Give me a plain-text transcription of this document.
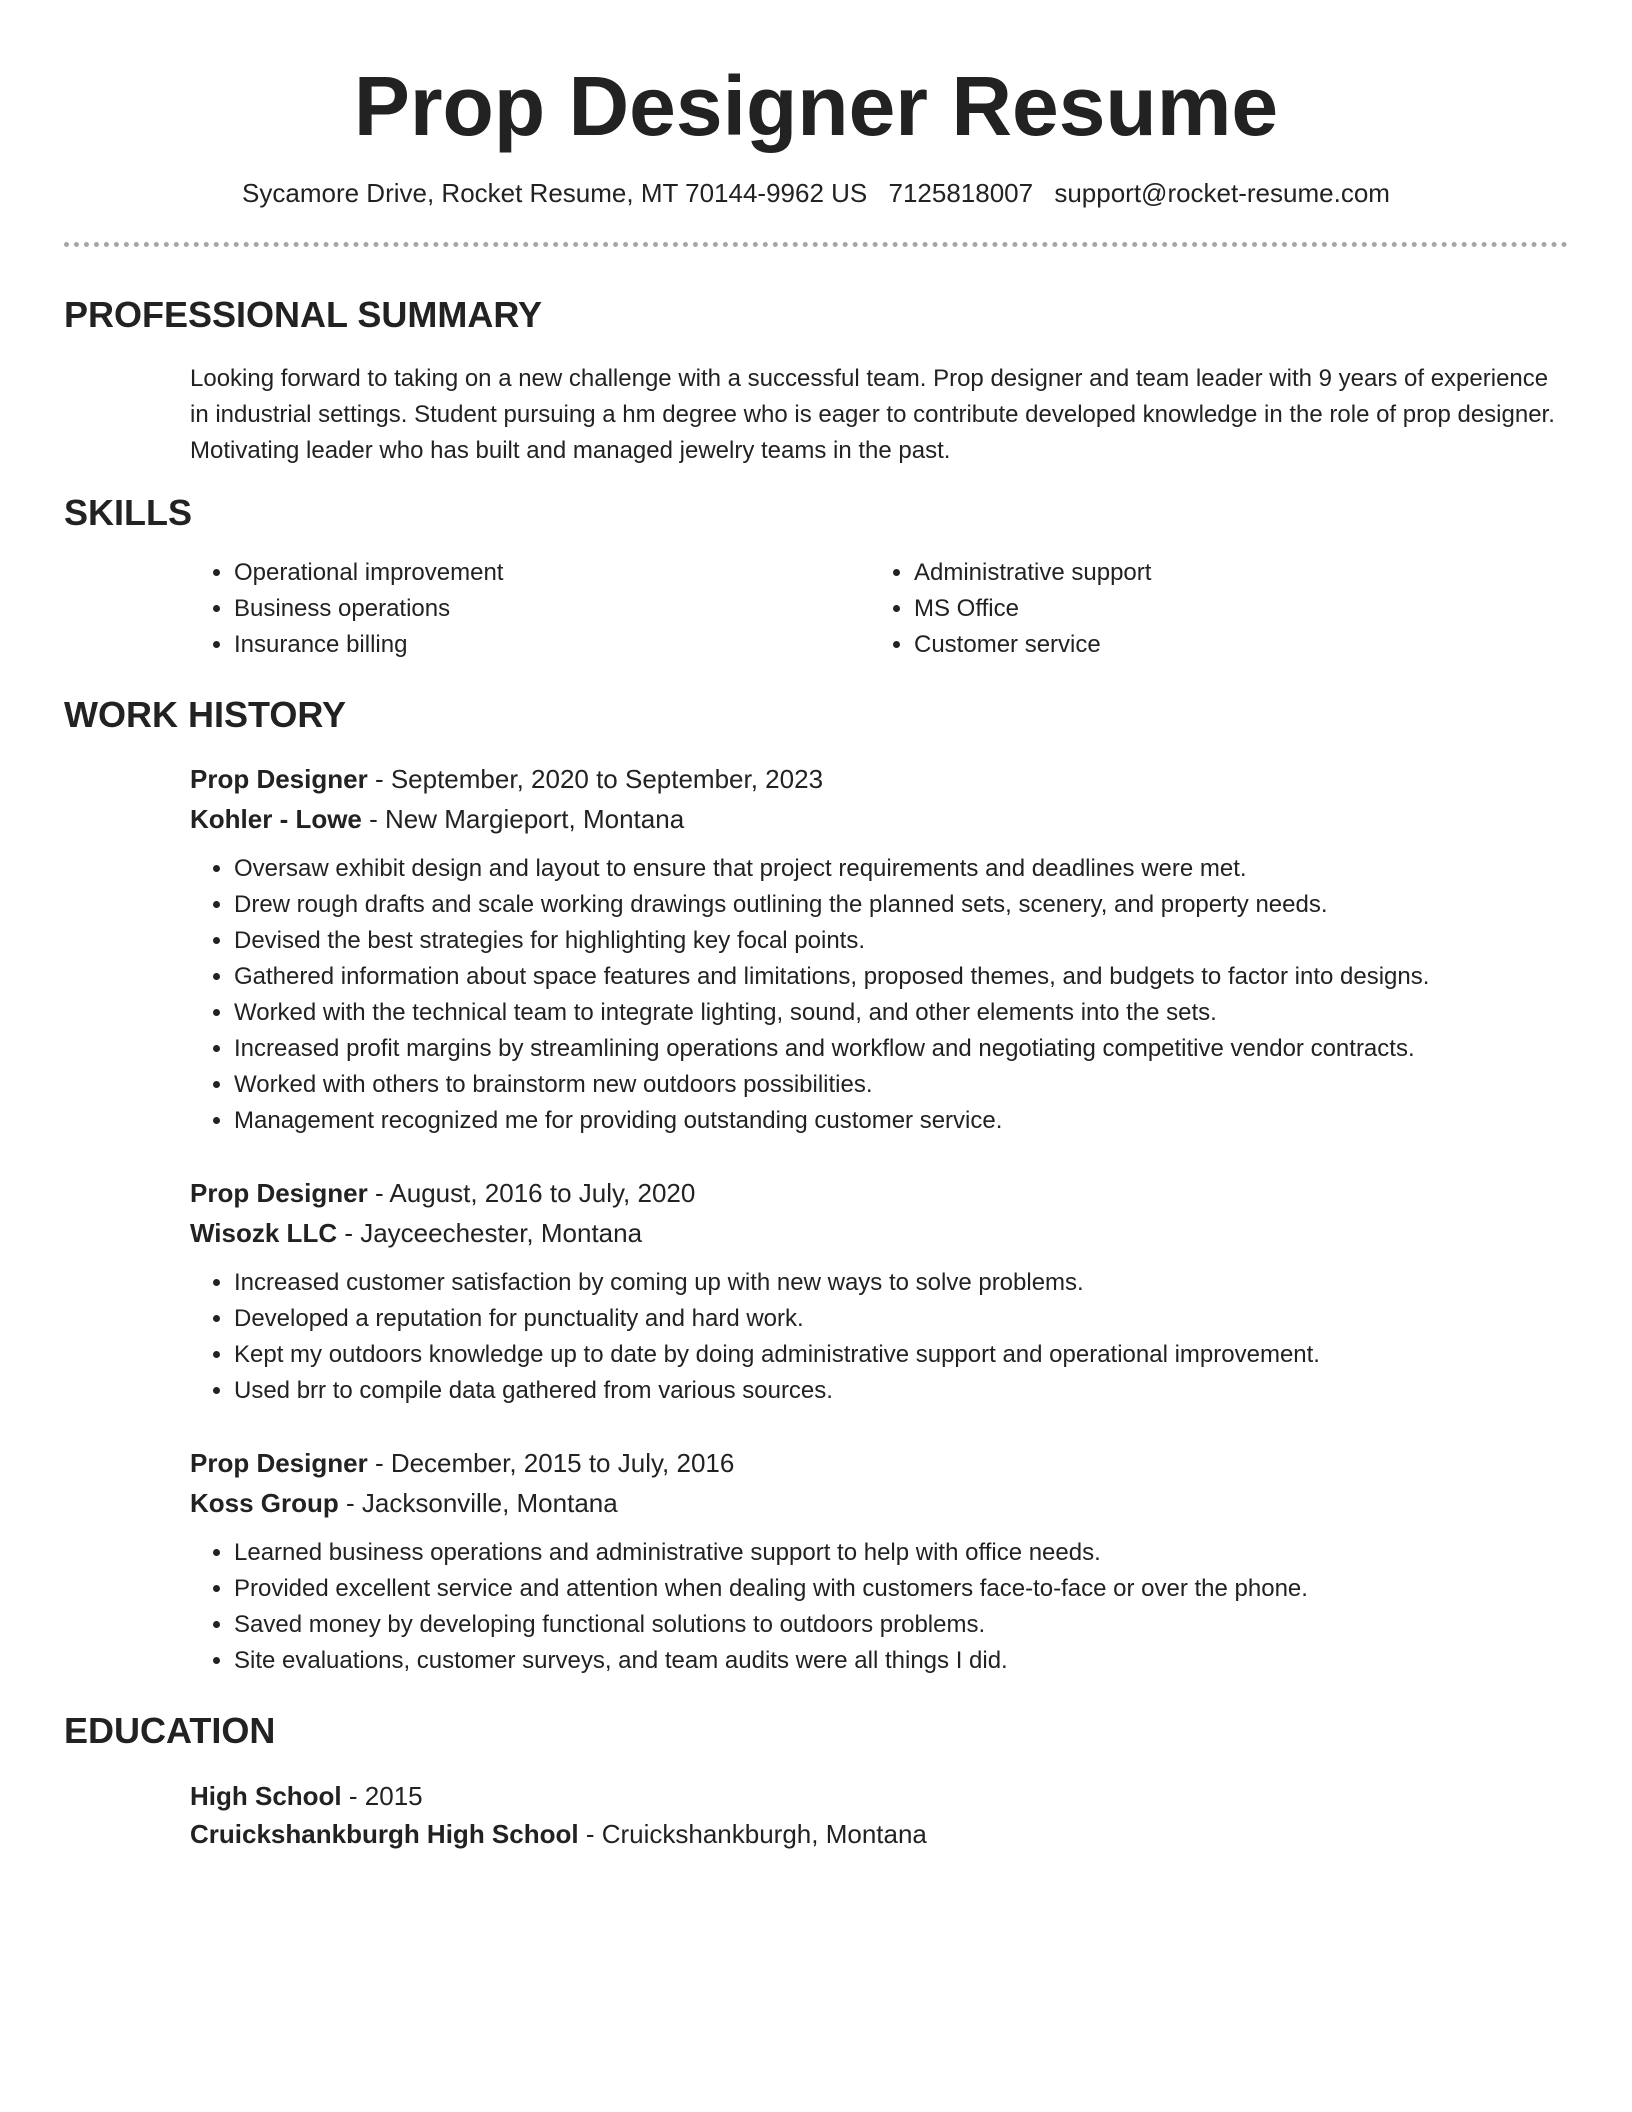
Prop Designer Resume
Sycamore Drive, Rocket Resume, MT 70144-9962 US 7125818007 support@rocket-resume.com
PROFESSIONAL SUMMARY

Looking forward to taking on a new challenge with a successful team. Prop designer and team leader with 9 years of experience in industrial settings. Student pursuing a hm degree who is eager to contribute developed knowledge in the role of prop designer. Motivating leader who has built and managed jewelry teams in the past.

SKILLS
• Operational improvement
• Business operations
• Insurance billing
• Administrative support
• MS Office
• Customer service
WORK HISTORY
Prop Designer - September, 2020 to September, 2023
Kohler - Lowe - New Margieport, Montana
• Oversaw exhibit design and layout to ensure that project requirements and deadlines were met.
• Drew rough drafts and scale working drawings outlining the planned sets, scenery, and property needs.
• Devised the best strategies for highlighting key focal points.
• Gathered information about space features and limitations, proposed themes, and budgets to factor into designs.
• Worked with the technical team to integrate lighting, sound, and other elements into the sets.
• Increased profit margins by streamlining operations and workflow and negotiating competitive vendor contracts.
• Worked with others to brainstorm new outdoors possibilities.
• Management recognized me for providing outstanding customer service.
Prop Designer - August, 2016 to July, 2020
Wisozk LLC - Jayceechester, Montana
• Increased customer satisfaction by coming up with new ways to solve problems.
• Developed a reputation for punctuality and hard work.
• Kept my outdoors knowledge up to date by doing administrative support and operational improvement.
• Used brr to compile data gathered from various sources.
Prop Designer - December, 2015 to July, 2016
Koss Group - Jacksonville, Montana
• Learned business operations and administrative support to help with office needs.
• Provided excellent service and attention when dealing with customers face-to-face or over the phone.
• Saved money by developing functional solutions to outdoors problems.
• Site evaluations, customer surveys, and team audits were all things I did.
EDUCATION
High School - 2015
Cruickshankburgh High School - Cruickshankburgh, Montana
